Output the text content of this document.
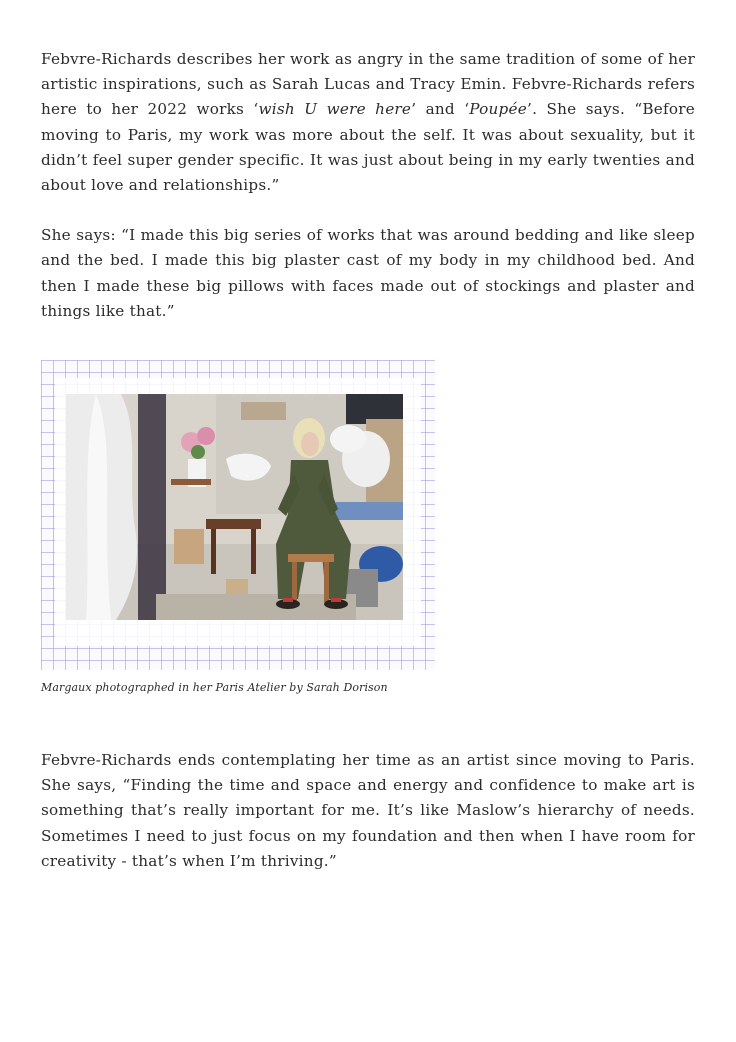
Febvre-Richards describes her work as angry in the same tradition of some of her artistic inspirations, such as Sarah Lucas and Tracy Emin. Febvre-Richards refers here to her 2022 works ‘wish U were here’ and ‘Poupée’. She says. “Before moving to Paris, my work was more about the self. It was about sexuality, but it didn’t feel super gender specific. It was just about being in my early twenties and about love and relationships.”

She says: “I made this big series of works that was around bedding and like sleep and the bed. I made this big plaster cast of my body in my childhood bed. And then I made these big pillows with faces made out of stockings and plaster and things like that.”

Margaux photographed in her Paris Atelier by Sarah Dorison

Febvre-Richards ends contemplating her time as an artist since moving to Paris. She says, “Finding the time and space and energy and confidence to make art is something that’s really important for me. It’s like Maslow’s hierarchy of needs. Sometimes I need to just focus on my foundation and then when I have room for creativity - that’s when I’m thriving.”
